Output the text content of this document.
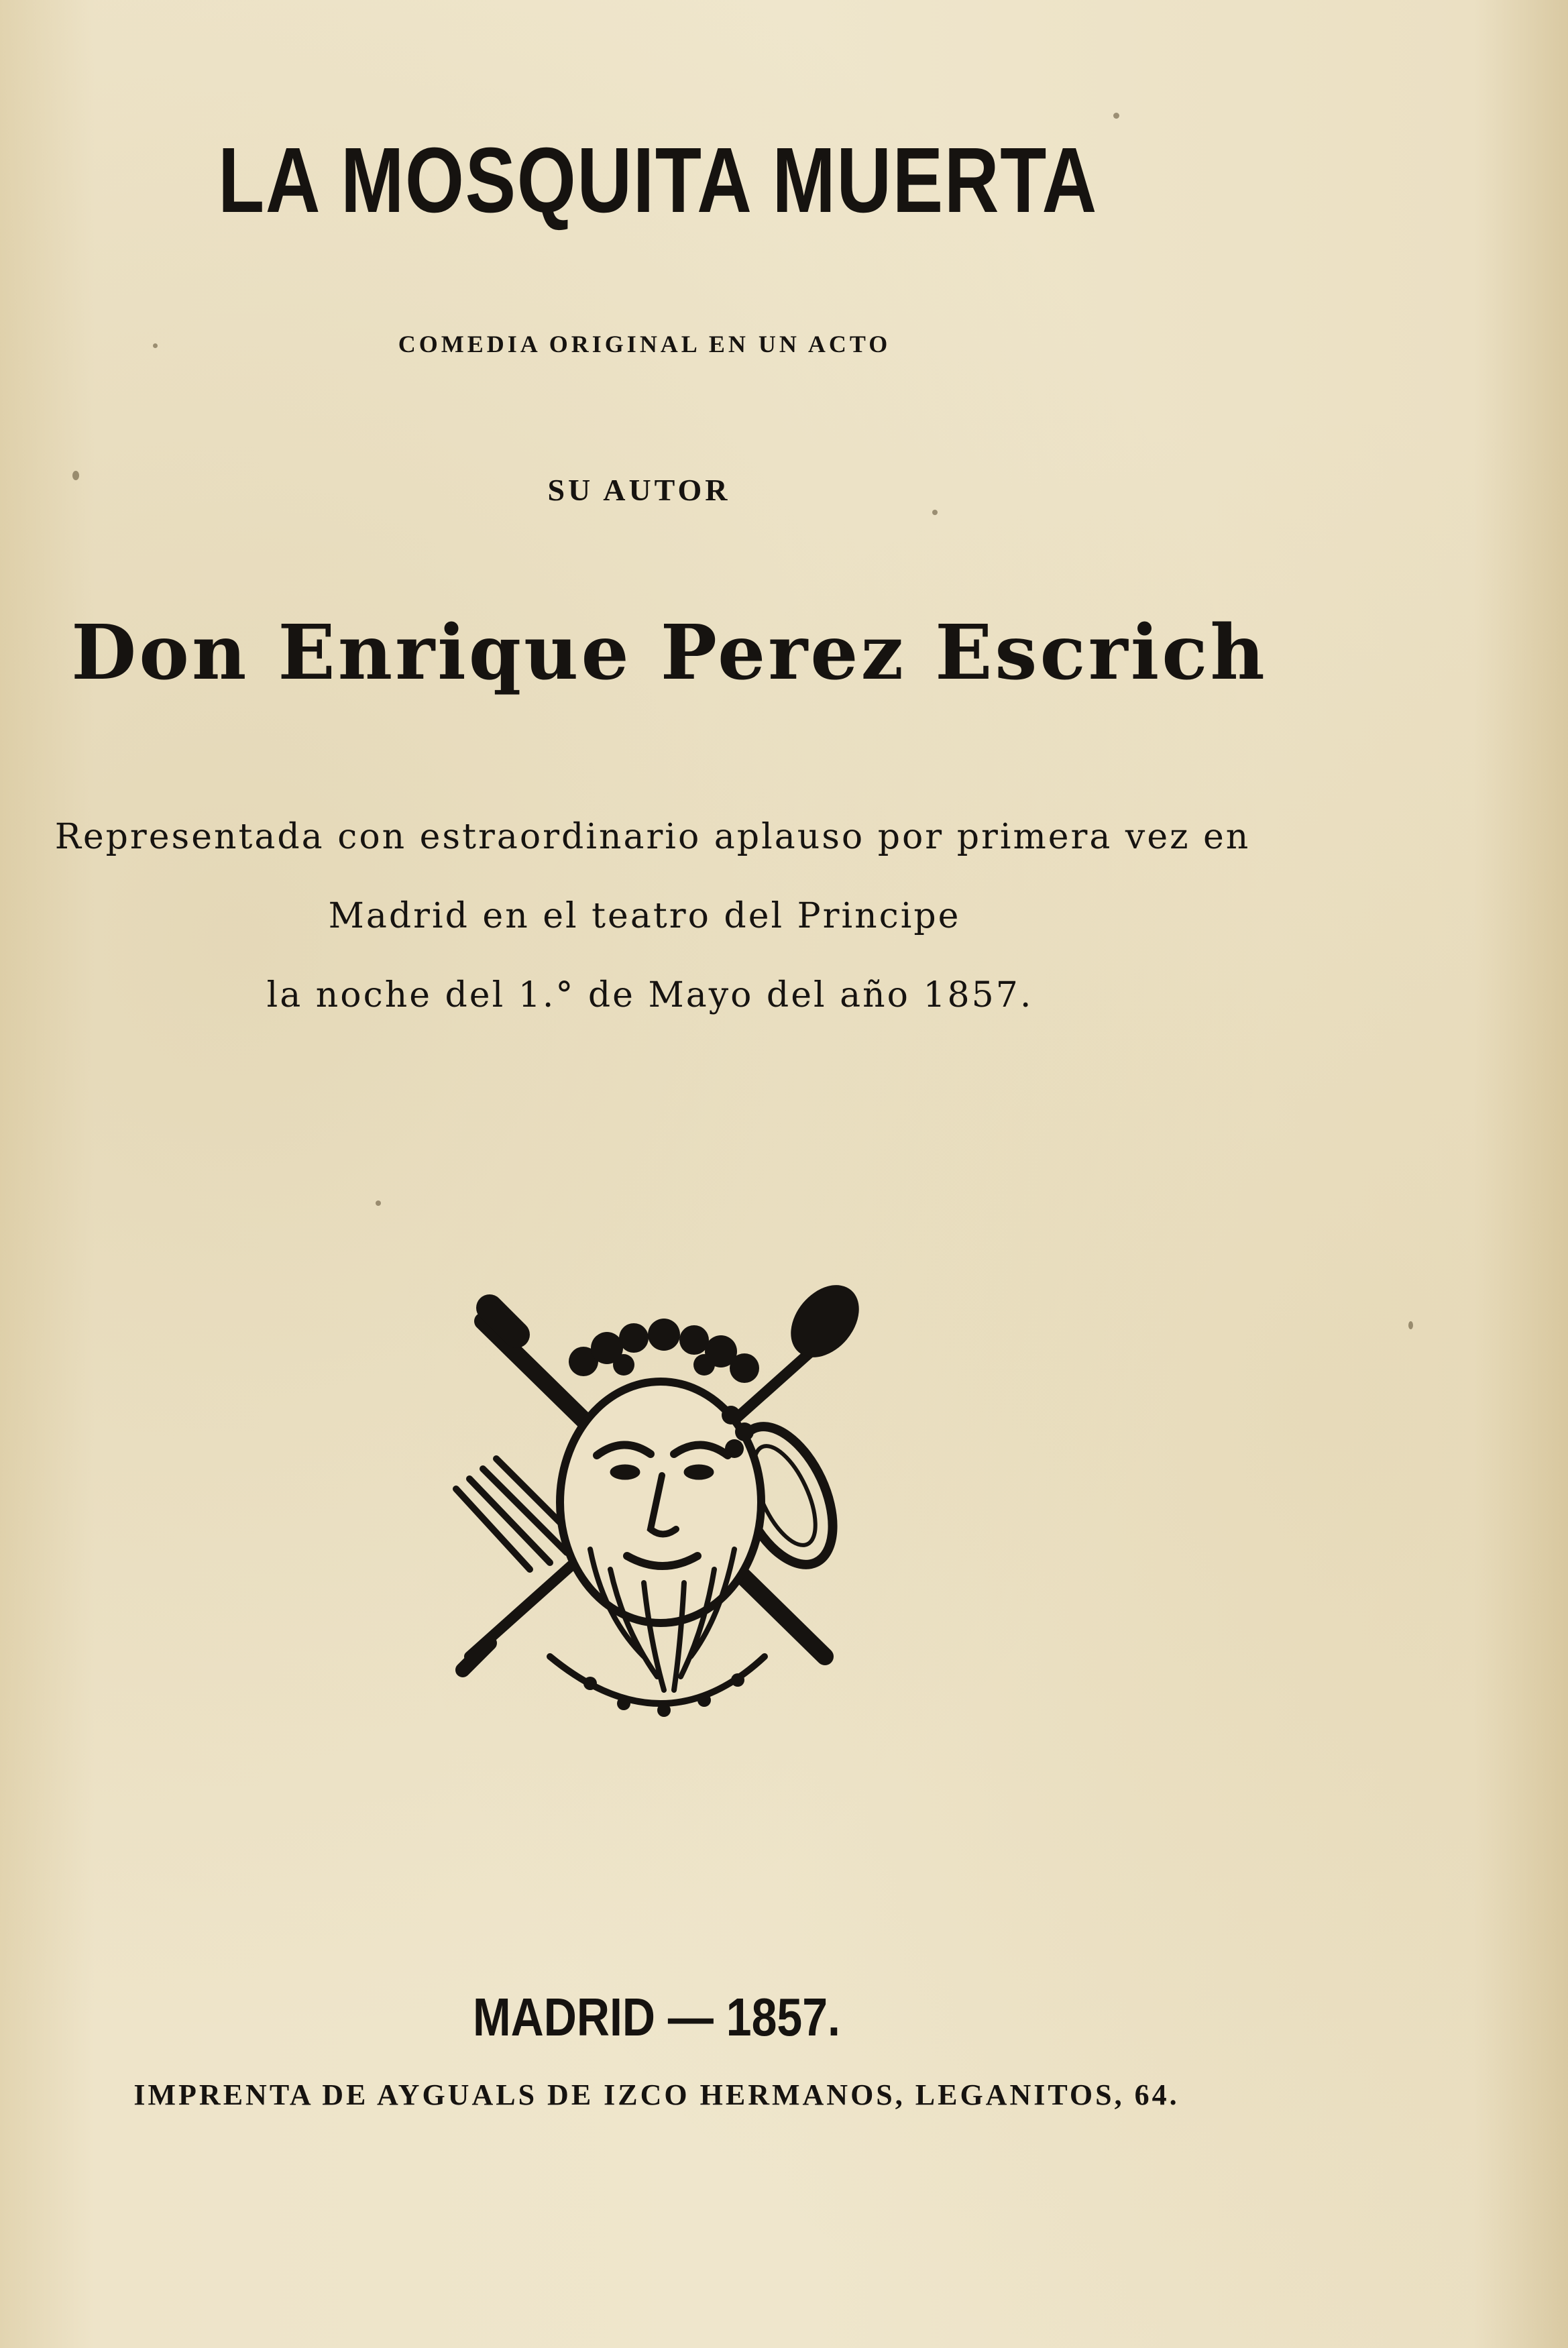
LA MOSQUITA MUERTA
COMEDIA ORIGINAL EN UN ACTO
SU AUTOR
Don Enrique Perez Escrich
Representada con estraordinario aplauso por primera vez en
Madrid en el teatro del Principe
la noche del 1.° de Mayo del año 1857.
MADRID — 1857.
IMPRENTA DE AYGUALS DE IZCO HERMANOS, LEGANITOS, 64.
